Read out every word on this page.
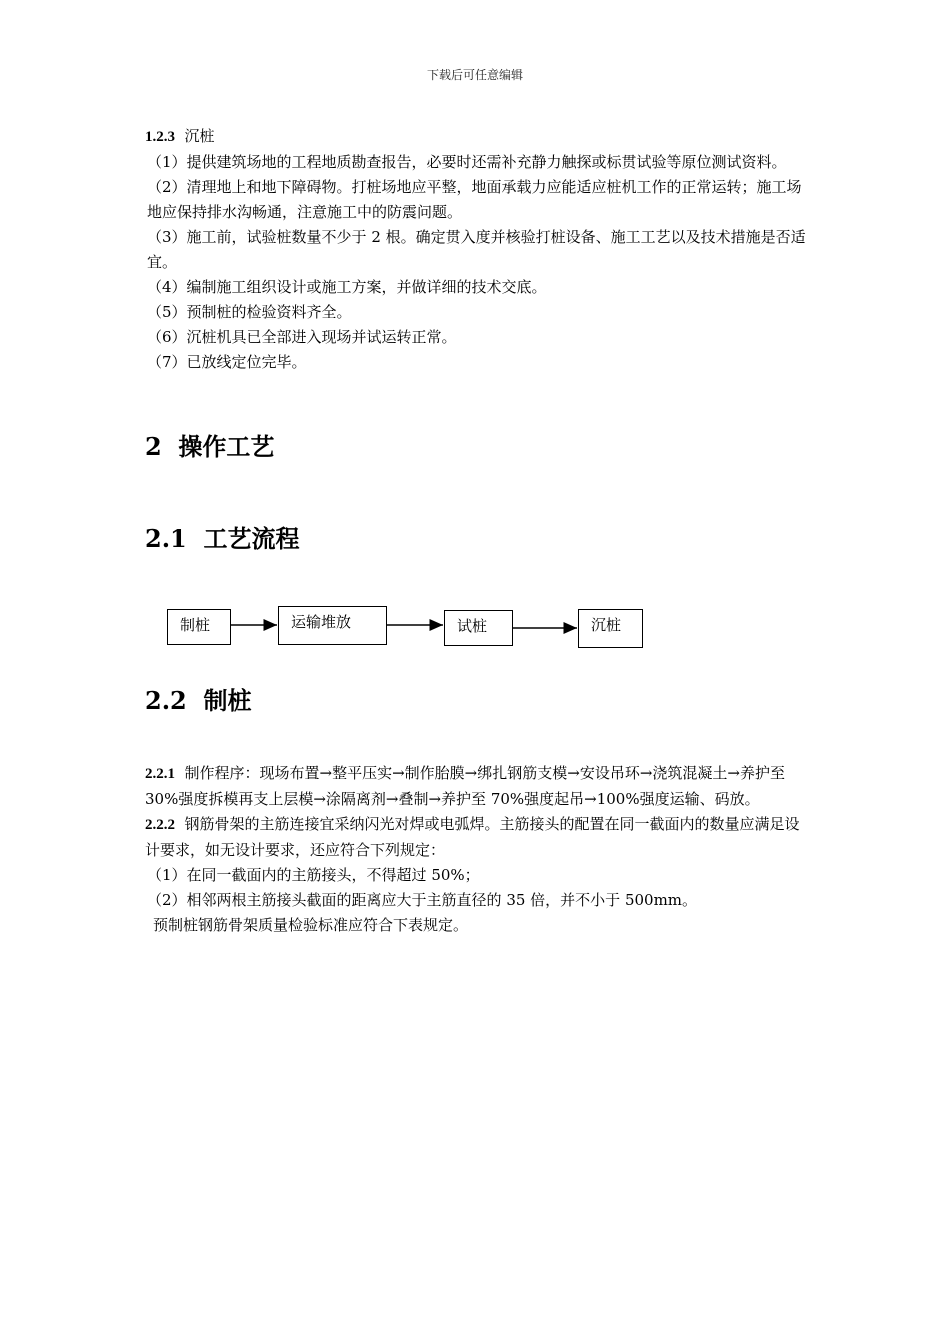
下载后可任意编辑
1.2.3 沉桩
（1）提供建筑场地的工程地质勘查报告，必要时还需补充静力触探或标贯试验等原位测试资料。
（2）清理地上和地下障碍物。打桩场地应平整，地面承载力应能适应桩机工作的正常运转；施工场地应保持排水沟畅通，注意施工中的防震问题。
（3）施工前，试验桩数量不少于 2 根。确定贯入度并核验打桩设备、施工工艺以及技术措施是否适宜。
（4）编制施工组织设计或施工方案，并做详细的技术交底。
（5）预制桩的检验资料齐全。
（6）沉桩机具已全部进入现场并试运转正常。
（7）已放线定位完毕。
2 操作工艺
2.1 工艺流程
制桩	运输堆放	试桩	沉桩
2.2 制桩
2.2.1 制作程序：现场布置→整平压实→制作胎膜→绑扎钢筋支模→安设吊环→浇筑混凝土→养护至 30%强度拆模再支上层模→涂隔离剂→叠制→养护至 70%强度起吊→100%强度运输、码放。
2.2.2 钢筋骨架的主筋连接宜采纳闪光对焊或电弧焊。主筋接头的配置在同一截面内的数量应满足设计要求，如无设计要求，还应符合下列规定：
（1）在同一截面内的主筋接头，不得超过 50%；
（2）相邻两根主筋接头截面的距离应大于主筋直径的 35 倍，并不小于 500mm。
预制桩钢筋骨架质量检验标准应符合下表规定。
